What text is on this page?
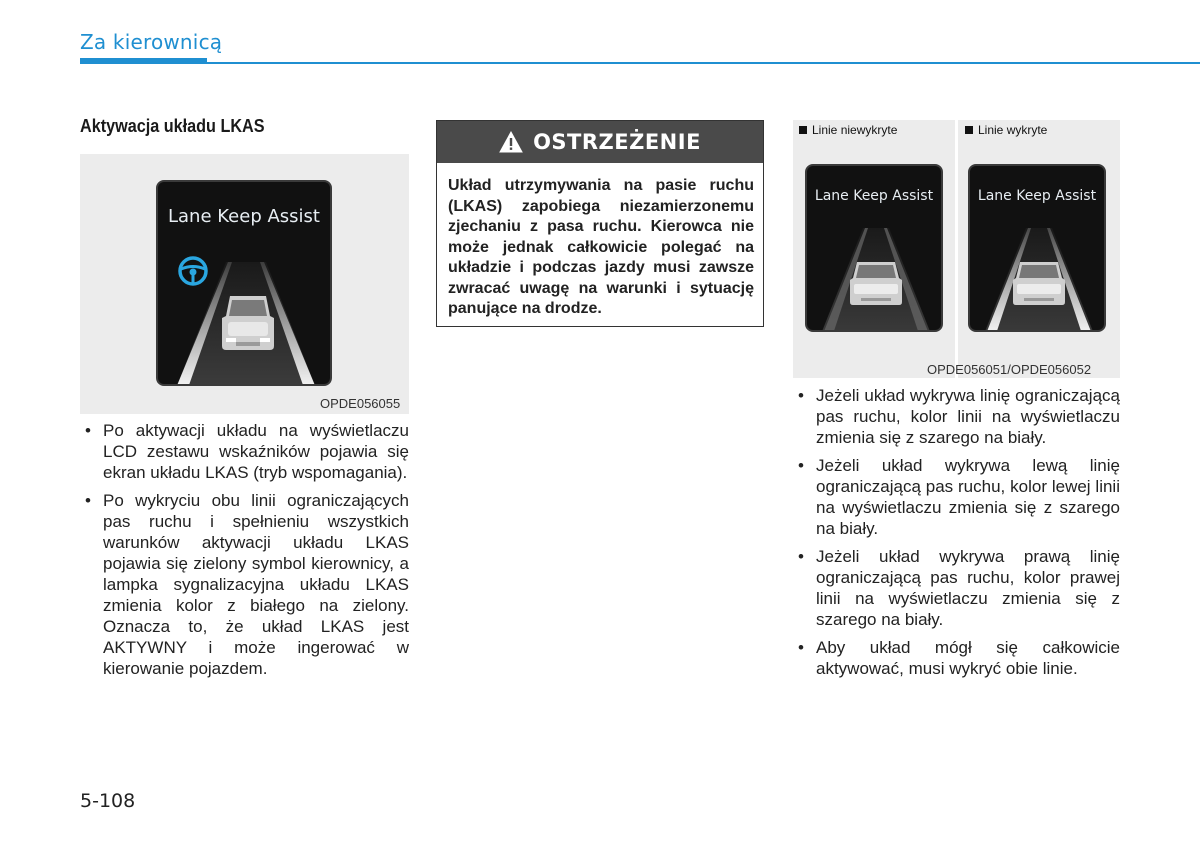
Za kierownicą
Aktywacja układu LKAS
Lane Keep Assist
OPDE056055
• Po aktywacji układu na wyświetlaczu LCD zestawu wskaźników pojawia się ekran układu LKAS (tryb wspomagania).
• Po wykryciu obu linii ograniczających pas ruchu i spełnieniu wszystkich warunków aktywacji układu LKAS pojawia się zielony symbol kierownicy, a lampka sygnalizacyjna układu LKAS zmienia kolor z białego na zielony. Oznacza to, że układ LKAS jest AKTYWNY i może ingerować w kierowanie pojazdem.
OSTRZEŻENIE
Układ utrzymywania na pasie ruchu (LKAS) zapobiega niezamierzonemu zjechaniu z pasa ruchu. Kierowca nie może jednak całkowicie polegać na układzie i podczas jazdy musi zawsze zwracać uwagę na warunki i sytuację panujące na drodze.
Linie niewykryte	Linie wykryte
Lane Keep Assist	Lane Keep Assist
OPDE056051/OPDE056052
• Jeżeli układ wykrywa linię ograniczającą pas ruchu, kolor linii na wyświetlaczu zmienia się z szarego na biały.
• Jeżeli układ wykrywa lewą linię ograniczającą pas ruchu, kolor lewej linii na wyświetlaczu zmienia się z szarego na biały.
• Jeżeli układ wykrywa prawą linię ograniczającą pas ruchu, kolor prawej linii na wyświetlaczu zmienia się z szarego na biały.
• Aby układ mógł się całkowicie aktywować, musi wykryć obie linie.
5-108
